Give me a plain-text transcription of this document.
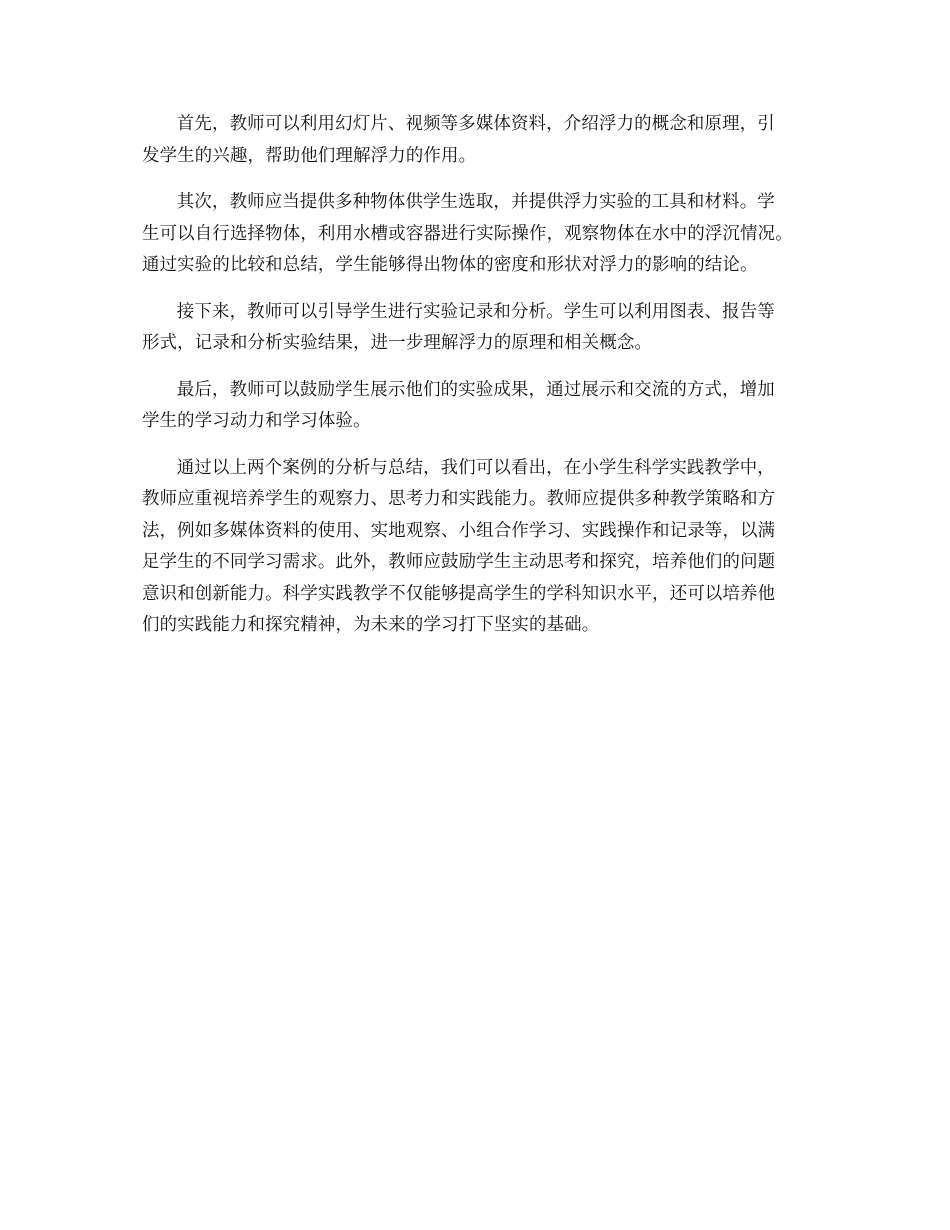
首先，教师可以利用幻灯片、视频等多媒体资料，介绍浮力的概念和原理，引
发学生的兴趣，帮助他们理解浮力的作用。

其次，教师应当提供多种物体供学生选取，并提供浮力实验的工具和材料。学
生可以自行选择物体，利用水槽或容器进行实际操作，观察物体在水中的浮沉情况。
通过实验的比较和总结，学生能够得出物体的密度和形状对浮力的影响的结论。

接下来，教师可以引导学生进行实验记录和分析。学生可以利用图表、报告等
形式，记录和分析实验结果，进一步理解浮力的原理和相关概念。

最后，教师可以鼓励学生展示他们的实验成果，通过展示和交流的方式，增加
学生的学习动力和学习体验。

通过以上两个案例的分析与总结，我们可以看出，在小学生科学实践教学中，
教师应重视培养学生的观察力、思考力和实践能力。教师应提供多种教学策略和方
法，例如多媒体资料的使用、实地观察、小组合作学习、实践操作和记录等，以满
足学生的不同学习需求。此外，教师应鼓励学生主动思考和探究，培养他们的问题
意识和创新能力。科学实践教学不仅能够提高学生的学科知识水平，还可以培养他
们的实践能力和探究精神，为未来的学习打下坚实的基础。
